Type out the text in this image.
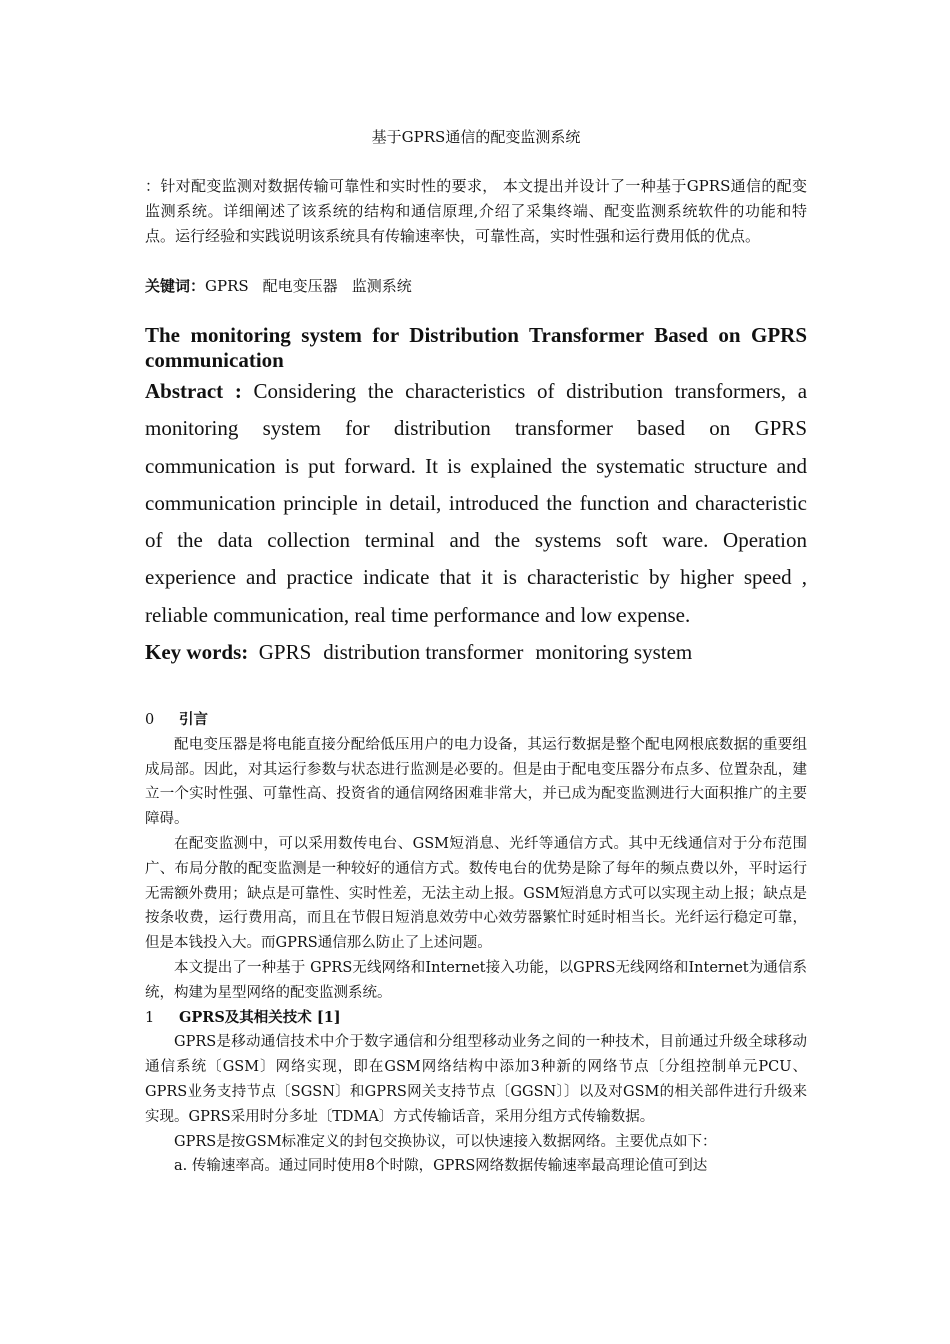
基于GPRS通信的配变监测系统
：针对配变监测对数据传输可靠性和实时性的要求， 本文提出并设计了一种基于GPRS通信的配变监测系统。详细阐述了该系统的结构和通信原理,介绍了采集终端、配变监测系统软件的功能和特点。运行经验和实践说明该系统具有传输速率快，可靠性高，实时性强和运行费用低的优点。
关键词：GPRS 配电变压器 监测系统

The monitoring system for Distribution Transformer Based on GPRS communication

Abstract : Considering the characteristics of distribution transformers, a monitoring system for distribution transformer based on GPRS communication is put forward. It is explained the systematic structure and communication principle in detail, introduced the function and characteristic of the data collection terminal and the systems soft ware. Operation experience and practice indicate that it is characteristic by higher speed , reliable communication, real time performance and low expense.

Key words: GPRS distribution transformer monitoring system

0 引言

配电变压器是将电能直接分配给低压用户的电力设备，其运行数据是整个配电网根底数据的重要组成局部。因此，对其运行参数与状态进行监测是必要的。但是由于配电变压器分布点多、位置杂乱，建立一个实时性强、可靠性高、投资省的通信网络困难非常大，并已成为配变监测进行大面积推广的主要障碍。

在配变监测中，可以采用数传电台、GSM短消息、光纤等通信方式。其中无线通信对于分布范围广、布局分散的配变监测是一种较好的通信方式。数传电台的优势是除了每年的频点费以外，平时运行无需额外费用；缺点是可靠性、实时性差，无法主动上报。GSM短消息方式可以实现主动上报；缺点是按条收费，运行费用高，而且在节假日短消息效劳中心效劳器繁忙时延时相当长。光纤运行稳定可靠，但是本钱投入大。而GPRS通信那么防止了上述问题。

本文提出了一种基于 GPRS无线网络和Internet接入功能，以GPRS无线网络和Internet为通信系统，构建为星型网络的配变监测系统。

1 GPRS及其相关技术 [1]

GPRS是移动通信技术中介于数字通信和分组型移动业务之间的一种技术，目前通过升级全球移动通信系统〔GSM〕网络实现，即在GSM网络结构中添加3种新的网络节点〔分组控制单元PCU、GPRS业务支持节点〔SGSN〕和GPRS网关支持节点〔GGSN〕〕以及对GSM的相关部件进行升级来实现。GPRS采用时分多址〔TDMA〕方式传输话音，采用分组方式传输数据。

GPRS是按GSM标准定义的封包交换协议，可以快速接入数据网络。主要优点如下：

a. 传输速率高。通过同时使用8个时隙，GPRS网络数据传输速率最高理论值可到达
